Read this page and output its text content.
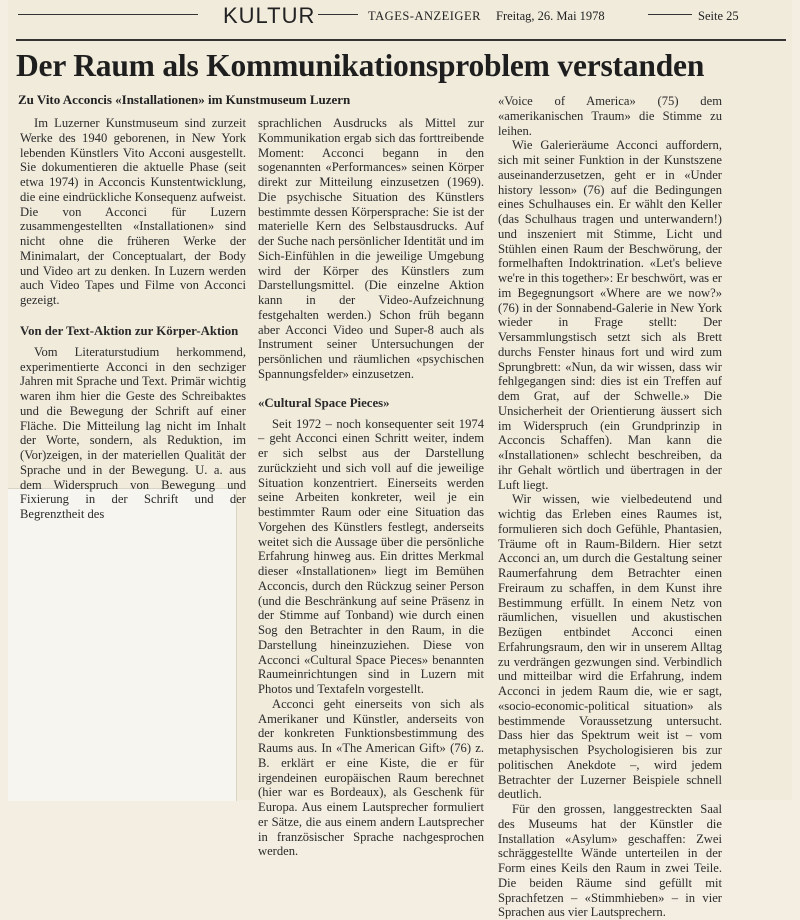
KULTUR	TAGES-ANZEIGER Freitag, 26. Mai 1978	Seite 25
Der Raum als Kommunikationsproblem verstanden
Zu Vito Acconcis «Installationen» im Kunstmuseum Luzern

Im Luzerner Kunstmuseum sind zurzeit Werke des 1940 geborenen, in New York lebenden Künstlers Vito Acconi ausgestellt. Sie dokumentieren die aktuelle Phase (seit etwa 1974) in Acconcis Kunstentwicklung, die eine eindrückliche Konsequenz aufweist. Die von Acconci für Luzern zusammengestellten «Installationen» sind nicht ohne die früheren Werke der Minimalart, der Conceptualart, der Body und Video art zu denken. In Luzern werden auch Video Tapes und Filme von Acconci gezeigt.

Von der Text-Aktion zur Körper-Aktion

Vom Literaturstudium herkommend, experimentierte Acconci in den sechziger Jahren mit Sprache und Text. Primär wichtig waren ihm hier die Geste des Schreibaktes und die Bewegung der Schrift auf einer Fläche. Die Mitteilung lag nicht im Inhalt der Worte, sondern, als Reduktion, im (Vor)zeigen, in der materiellen Qualität der Sprache und in der Bewegung. U. a. aus dem Widerspruch von Bewegung und Fixierung in der Schrift und der Begrenztheit des

sprachlichen Ausdrucks als Mittel zur Kommunikation ergab sich das forttreibende Moment: Acconci begann in den sogenannten «Performances» seinen Körper direkt zur Mitteilung einzusetzen (1969). Die psychische Situation des Künstlers bestimmte dessen Körpersprache: Sie ist der materielle Kern des Selbstausdrucks. Auf der Suche nach persönlicher Identität und im Sich-Einfühlen in die jeweilige Umgebung wird der Körper des Künstlers zum Darstellungsmittel. (Die einzelne Aktion kann in der Video-Aufzeichnung festgehalten werden.) Schon früh begann aber Acconci Video und Super-8 auch als Instrument seiner Untersuchungen der persönlichen und räumlichen «psychischen Spannungsfelder» einzusetzen.

«Cultural Space Pieces»

Seit 1972 – noch konsequenter seit 1974 – geht Acconci einen Schritt weiter, indem er sich selbst aus der Darstellung zurückzieht und sich voll auf die jeweilige Situation konzentriert. Einerseits werden seine Arbeiten konkreter, weil je ein bestimmter Raum oder eine Situation das Vorgehen des Künstlers festlegt, anderseits weitet sich die Aussage über die persönliche Erfahrung hinweg aus. Ein drittes Merkmal dieser «Installationen» liegt im Bemühen Acconcis, durch den Rückzug seiner Person (und die Beschränkung auf seine Präsenz in der Stimme auf Tonband) wie durch einen Sog den Betrachter in den Raum, in die Darstellung hineinzuziehen. Diese von Acconci «Cultural Space Pieces» benannten Raumeinrichtungen sind in Luzern mit Photos und Textafeln vorgestellt.

Acconci geht einerseits von sich als Amerikaner und Künstler, anderseits von der konkreten Funktionsbestimmung des Raums aus. In «The American Gift» (76) z. B. erklärt er eine Kiste, die er für irgendeinen europäischen Raum berechnet (hier war es Bordeaux), als Geschenk für Europa. Aus einem Lautsprecher formuliert er Sätze, die aus einem andern Lautsprecher in französischer Sprache nachgesprochen werden.

«Voice of America» (75) dem «amerikanischen Traum» die Stimme zu leihen.

Wie Galerieräume Acconci auffordern, sich mit seiner Funktion in der Kunstszene auseinanderzusetzen, geht er in «Under history lesson» (76) auf die Bedingungen eines Schulhauses ein. Er wählt den Keller (das Schulhaus tragen und unterwandern!) und inszeniert mit Stimme, Licht und Stühlen einen Raum der Beschwörung, der formelhaften Indoktrination. «Let's believe we're in this together»: Er beschwört, was er im Begegnungsort «Where are we now?» (76) in der Sonnabend-Galerie in New York wieder in Frage stellt: Der Versammlungstisch setzt sich als Brett durchs Fenster hinaus fort und wird zum Sprungbrett: «Nun, da wir wissen, dass wir fehlgegangen sind: dies ist ein Treffen auf dem Grat, auf der Schwelle.» Die Unsicherheit der Orientierung äussert sich im Widerspruch (ein Grundprinzip in Acconcis Schaffen). Man kann die «Installationen» schlecht beschreiben, da ihr Gehalt wörtlich und übertragen in der Luft liegt.

Wir wissen, wie vielbedeutend und wichtig das Erleben eines Raumes ist, formulieren sich doch Gefühle, Phantasien, Träume oft in Raum-Bildern. Hier setzt Acconci an, um durch die Gestaltung seiner Raumerfahrung dem Betrachter einen Freiraum zu schaffen, in dem Kunst ihre Bestimmung erfüllt. In einem Netz von räumlichen, visuellen und akustischen Bezügen entbindet Acconci einen Erfahrungsraum, den wir in unserem Alltag zu verdrängen gezwungen sind. Verbindlich und mitteilbar wird die Erfahrung, indem Acconci in jedem Raum die, wie er sagt, «socio-economic-political situation» als bestimmende Voraussetzung untersucht. Dass hier das Spektrum weit ist – vom metaphysischen Psychologisieren bis zur politischen Anekdote –, wird jedem Betrachter der Luzerner Beispiele schnell deutlich.

Für den grossen, langgestreckten Saal des Museums hat der Künstler die Installation «Asylum» geschaffen: Zwei schräggestellte Wände unterteilen in der Form eines Keils den Raum in zwei Teile. Die beiden Räume sind gefüllt mit Sprachfetzen – «Stimmhieben» – in vier Sprachen aus vier Lautsprechern.
